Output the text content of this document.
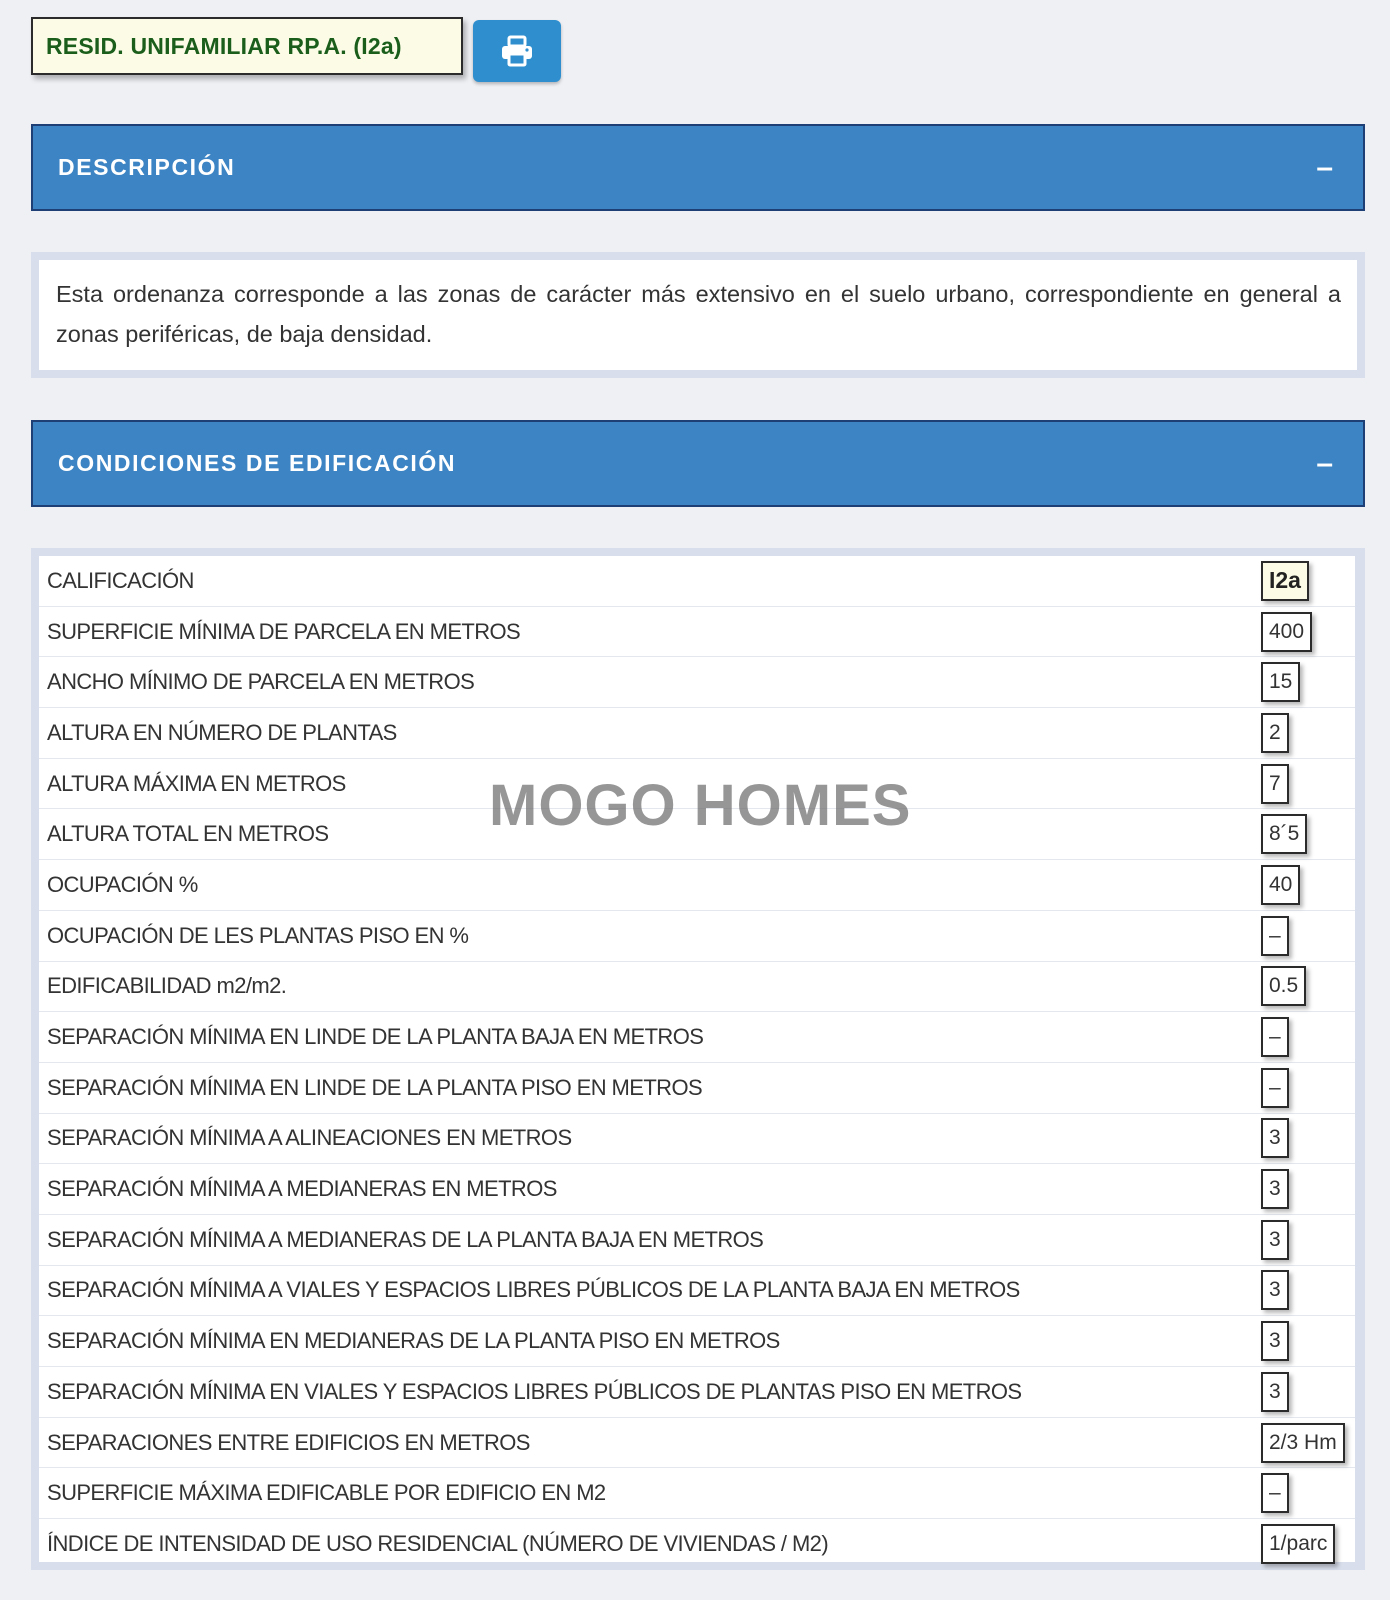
RESID. UNIFAMILIAR RP.A. (I2a)
DESCRIPCIÓN	–
Esta ordenanza corresponde a las zonas de carácter más extensivo en el suelo urbano, correspondiente en general a zonas periféricas, de baja densidad.
CONDICIONES DE EDIFICACIÓN	–
CALIFICACIÓN	I2a
SUPERFICIE MÍNIMA DE PARCELA EN METROS	400
ANCHO MÍNIMO DE PARCELA EN METROS	15
ALTURA EN NÚMERO DE PLANTAS	2
ALTURA MÁXIMA EN METROS	7
ALTURA TOTAL EN METROS	8´5
OCUPACIÓN %	40
OCUPACIÓN DE LES PLANTAS PISO EN %	–
EDIFICABILIDAD m2/m2.	0.5
SEPARACIÓN MÍNIMA EN LINDE DE LA PLANTA BAJA EN METROS	–
SEPARACIÓN MÍNIMA EN LINDE DE LA PLANTA PISO EN METROS	–
SEPARACIÓN MÍNIMA A ALINEACIONES EN METROS	3
SEPARACIÓN MÍNIMA A MEDIANERAS EN METROS	3
SEPARACIÓN MÍNIMA A MEDIANERAS DE LA PLANTA BAJA EN METROS	3
SEPARACIÓN MÍNIMA A VIALES Y ESPACIOS LIBRES PÚBLICOS DE LA PLANTA BAJA EN METROS	3
SEPARACIÓN MÍNIMA EN MEDIANERAS DE LA PLANTA PISO EN METROS	3
SEPARACIÓN MÍNIMA EN VIALES Y ESPACIOS LIBRES PÚBLICOS DE PLANTAS PISO EN METROS	3
SEPARACIONES ENTRE EDIFICIOS EN METROS	2/3 Hm
SUPERFICIE MÁXIMA EDIFICABLE POR EDIFICIO EN M2	–
ÍNDICE DE INTENSIDAD DE USO RESIDENCIAL (NÚMERO DE VIVIENDAS / M2)	1/parc
MOGO HOMES
